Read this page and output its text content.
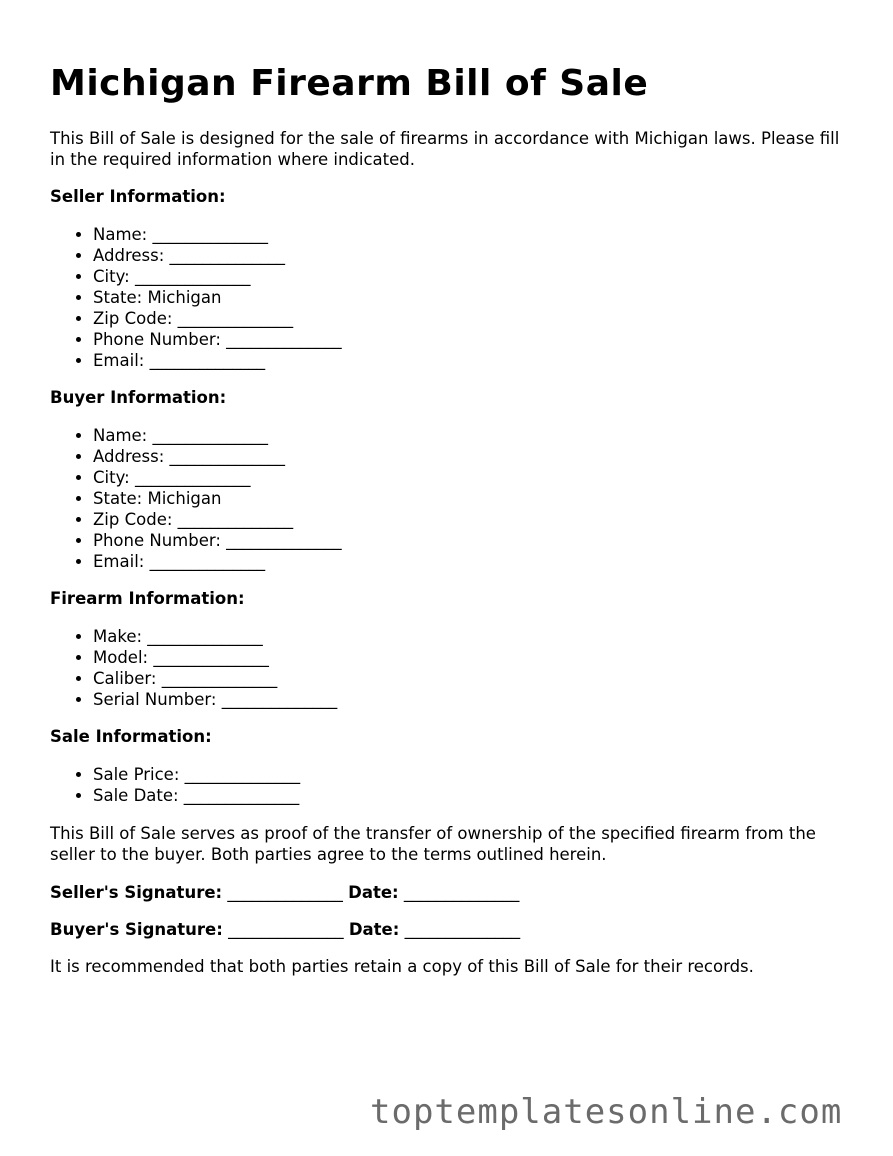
Michigan Firearm Bill of Sale

This Bill of Sale is designed for the sale of firearms in accordance with Michigan laws. Please fill in the required information where indicated.

Seller Information:
• Name: ______________
• Address: ______________
• City: ______________
• State: Michigan
• Zip Code: ______________
• Phone Number: ______________
• Email: ______________
Buyer Information:
• Name: ______________
• Address: ______________
• City: ______________
• State: Michigan
• Zip Code: ______________
• Phone Number: ______________
• Email: ______________
Firearm Information:
• Make: ______________
• Model: ______________
• Caliber: ______________
• Serial Number: ______________
Sale Information:
• Sale Price: ______________
• Sale Date: ______________

This Bill of Sale serves as proof of the transfer of ownership of the specified firearm from the seller to the buyer. Both parties agree to the terms outlined herein.

Seller's Signature: ______________ Date: ______________
Buyer's Signature: ______________ Date: ______________

It is recommended that both parties retain a copy of this Bill of Sale for their records.

toptemplatesonline.com
